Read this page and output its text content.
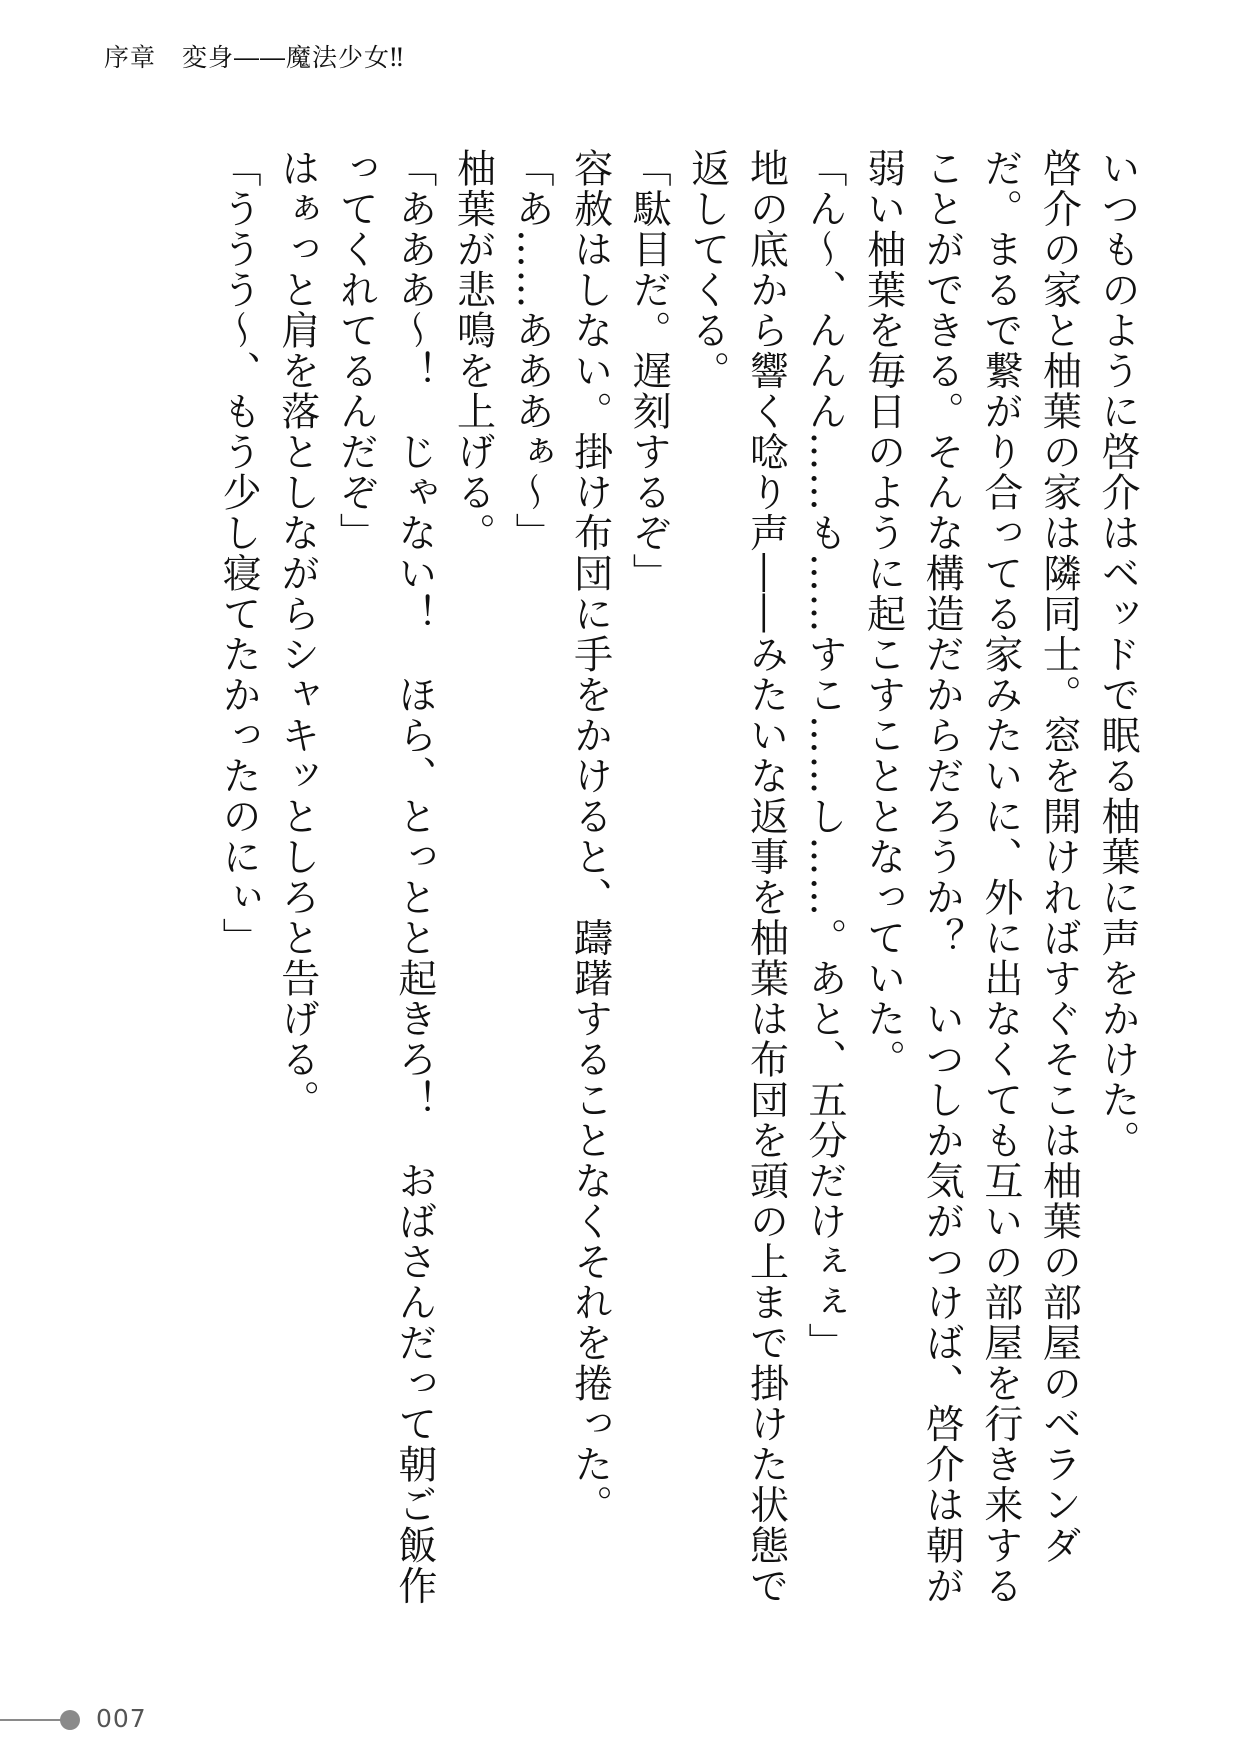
序章　変身――魔法少女‼

いつものように啓介はベッドで眠る柚葉に声をかけた。

啓介の家と柚葉の家は隣同士。窓を開ければすぐそこは柚葉の部屋のベランダだ。まるで繋がり合ってる家みたいに、外に出なくても互いの部屋を行き来することができる。そんな構造だからだろうか？　いつしか気がつけば、啓介は朝が弱い柚葉を毎日のように起こすこととなっていた。

「ん～、んんん……も……すこ……し……。あと、五分だけぇぇ」

地の底から響く唸り声――みたいな返事を柚葉は布団を頭の上まで掛けた状態で返してくる。

「駄目だ。遅刻するぞ」

容赦はしない。掛け布団に手をかけると、躊躇することなくそれを捲った。

「あ……あああぁ～」

柚葉が悲鳴を上げる。

「あああ～！　じゃない！　ほら、とっとと起きろ！　おばさんだって朝ご飯作ってくれてるんだぞ」

はぁっと肩を落としながらシャキッとしろと告げる。

「ううう～、もう少し寝てたかったのにぃ」

007
